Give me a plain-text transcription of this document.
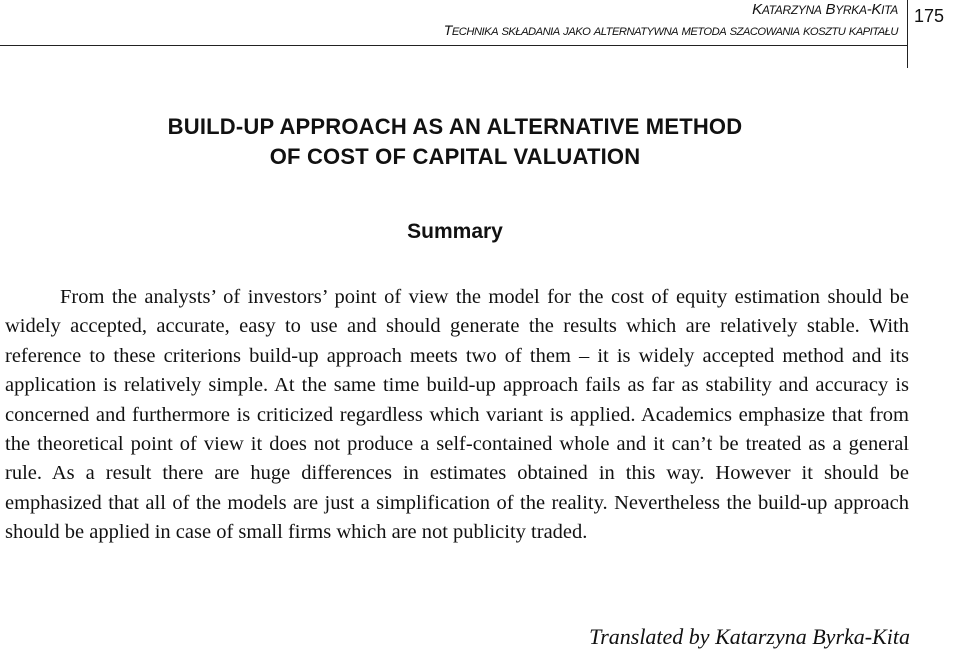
KATARZYNA BYRKA-KITA
TECHNIKA SKŁADANIA JAKO ALTERNATYWNA METODA SZACOWANIA KOSZTU KAPITAŁU
175
BUILD-UP APPROACH AS AN ALTERNATIVE METHOD
OF COST OF CAPITAL VALUATION
Summary

From the analysts’ of investors’ point of view the model for the cost of equity estimation should be widely accepted, accurate, easy to use and should generate the results which are relatively stable. With reference to these criterions build-up approach meets two of them – it is widely accepted method and its application is relatively simple. At the same time build-up approach fails as far as stability and accuracy is concerned and furthermore is criticized regardless which variant is applied. Academics emphasize that from the theoretical point of view it does not produce a self-contained whole and it can’t be treated as a general rule. As a result there are huge differences in estimates obtained in this way. However it should be emphasized that all of the models are just a simplification of the reality. Nevertheless the build-up approach should be applied in case of small firms which are not publicity traded.

Translated by Katarzyna Byrka-Kita
